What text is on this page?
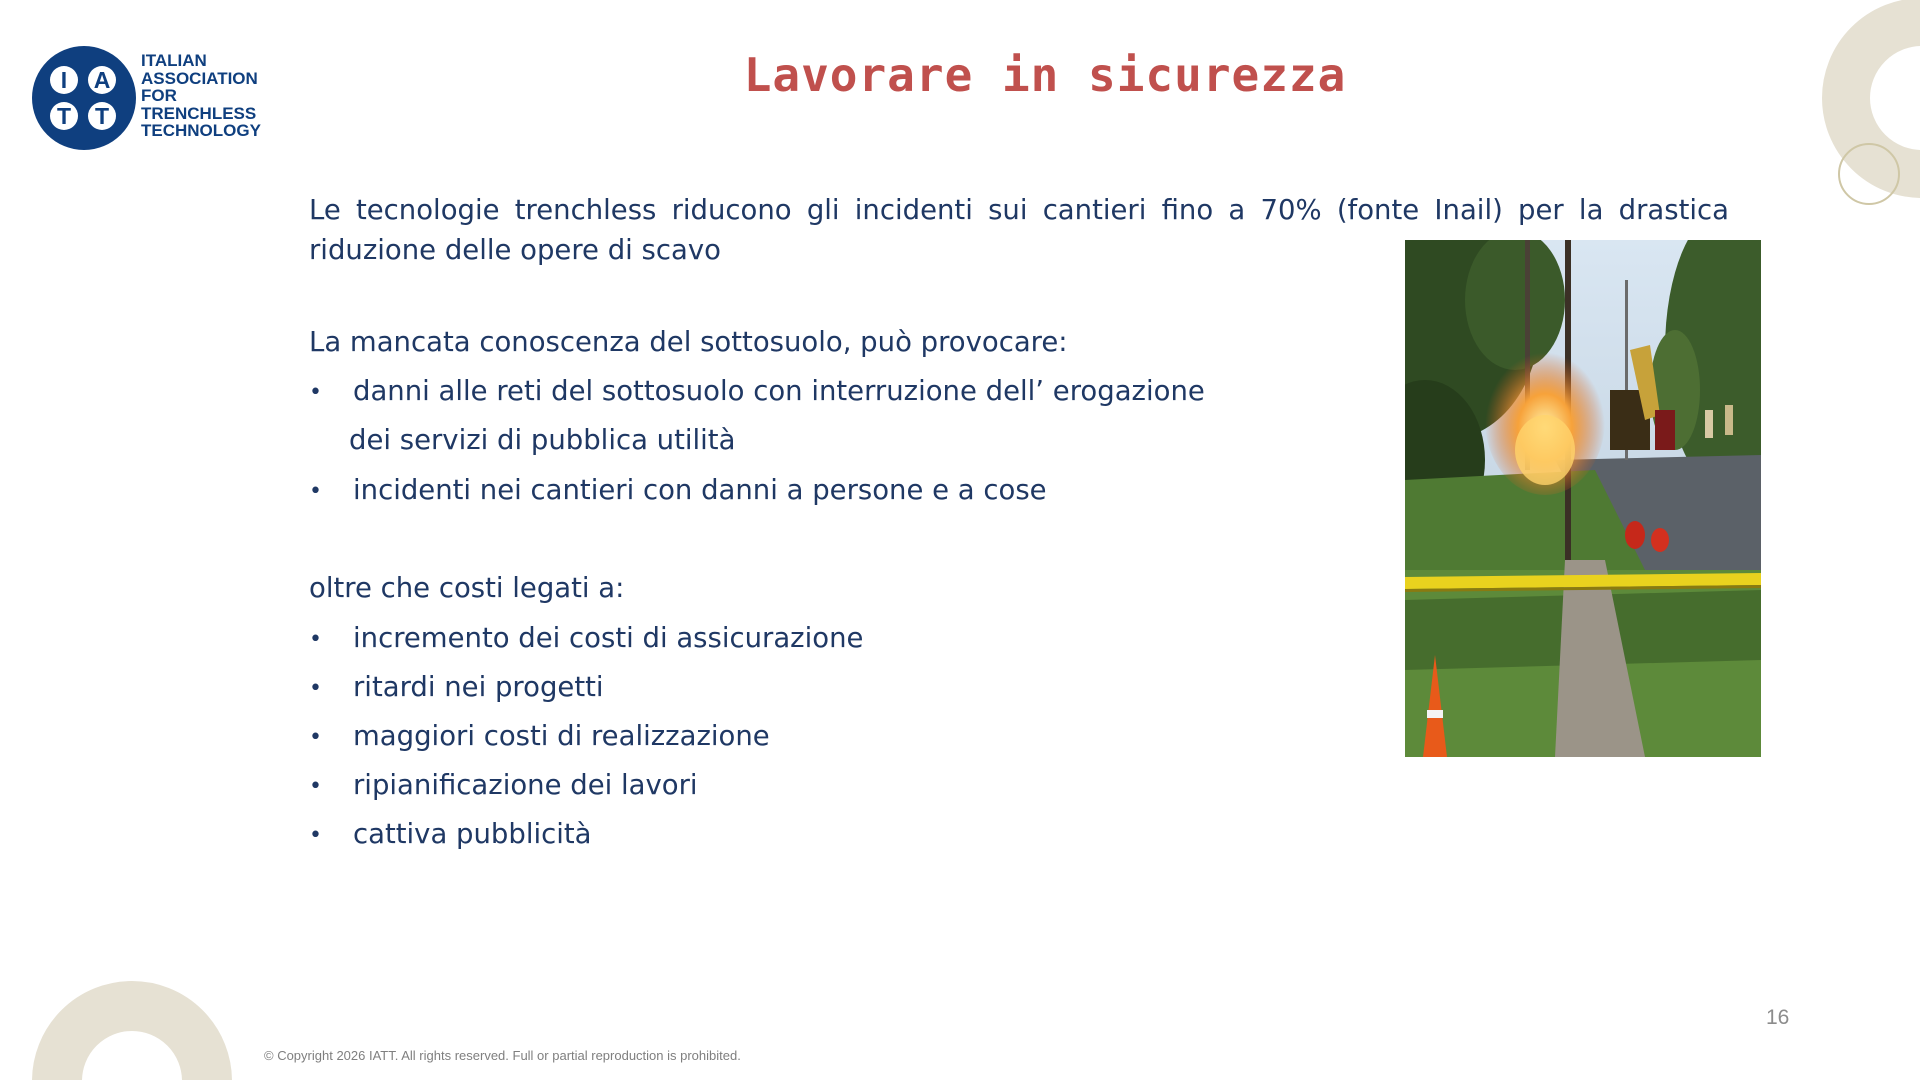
I	A
T	T
ITALIAN
ASSOCIATION
FOR
TRENCHLESS
TECHNOLOGY
Lavorare in sicurezza
Le tecnologie trenchless riducono gli incidenti sui cantieri fino a 70% (fonte Inail) per la drastica riduzione delle opere di scavo
La mancata conoscenza del sottosuolo, può provocare:
• danni alle reti del sottosuolo con interruzione dell’ erogazione
dei servizi di pubblica utilità
• incidenti nei cantieri con danni a persone e a cose
oltre che costi legati a:
• incremento dei costi di assicurazione
• ritardi nei progetti
• maggiori costi di realizzazione
• ripianificazione dei lavori
• cattiva pubblicità
16
© Copyright 2026 IATT. All rights reserved. Full or partial reproduction is prohibited.
